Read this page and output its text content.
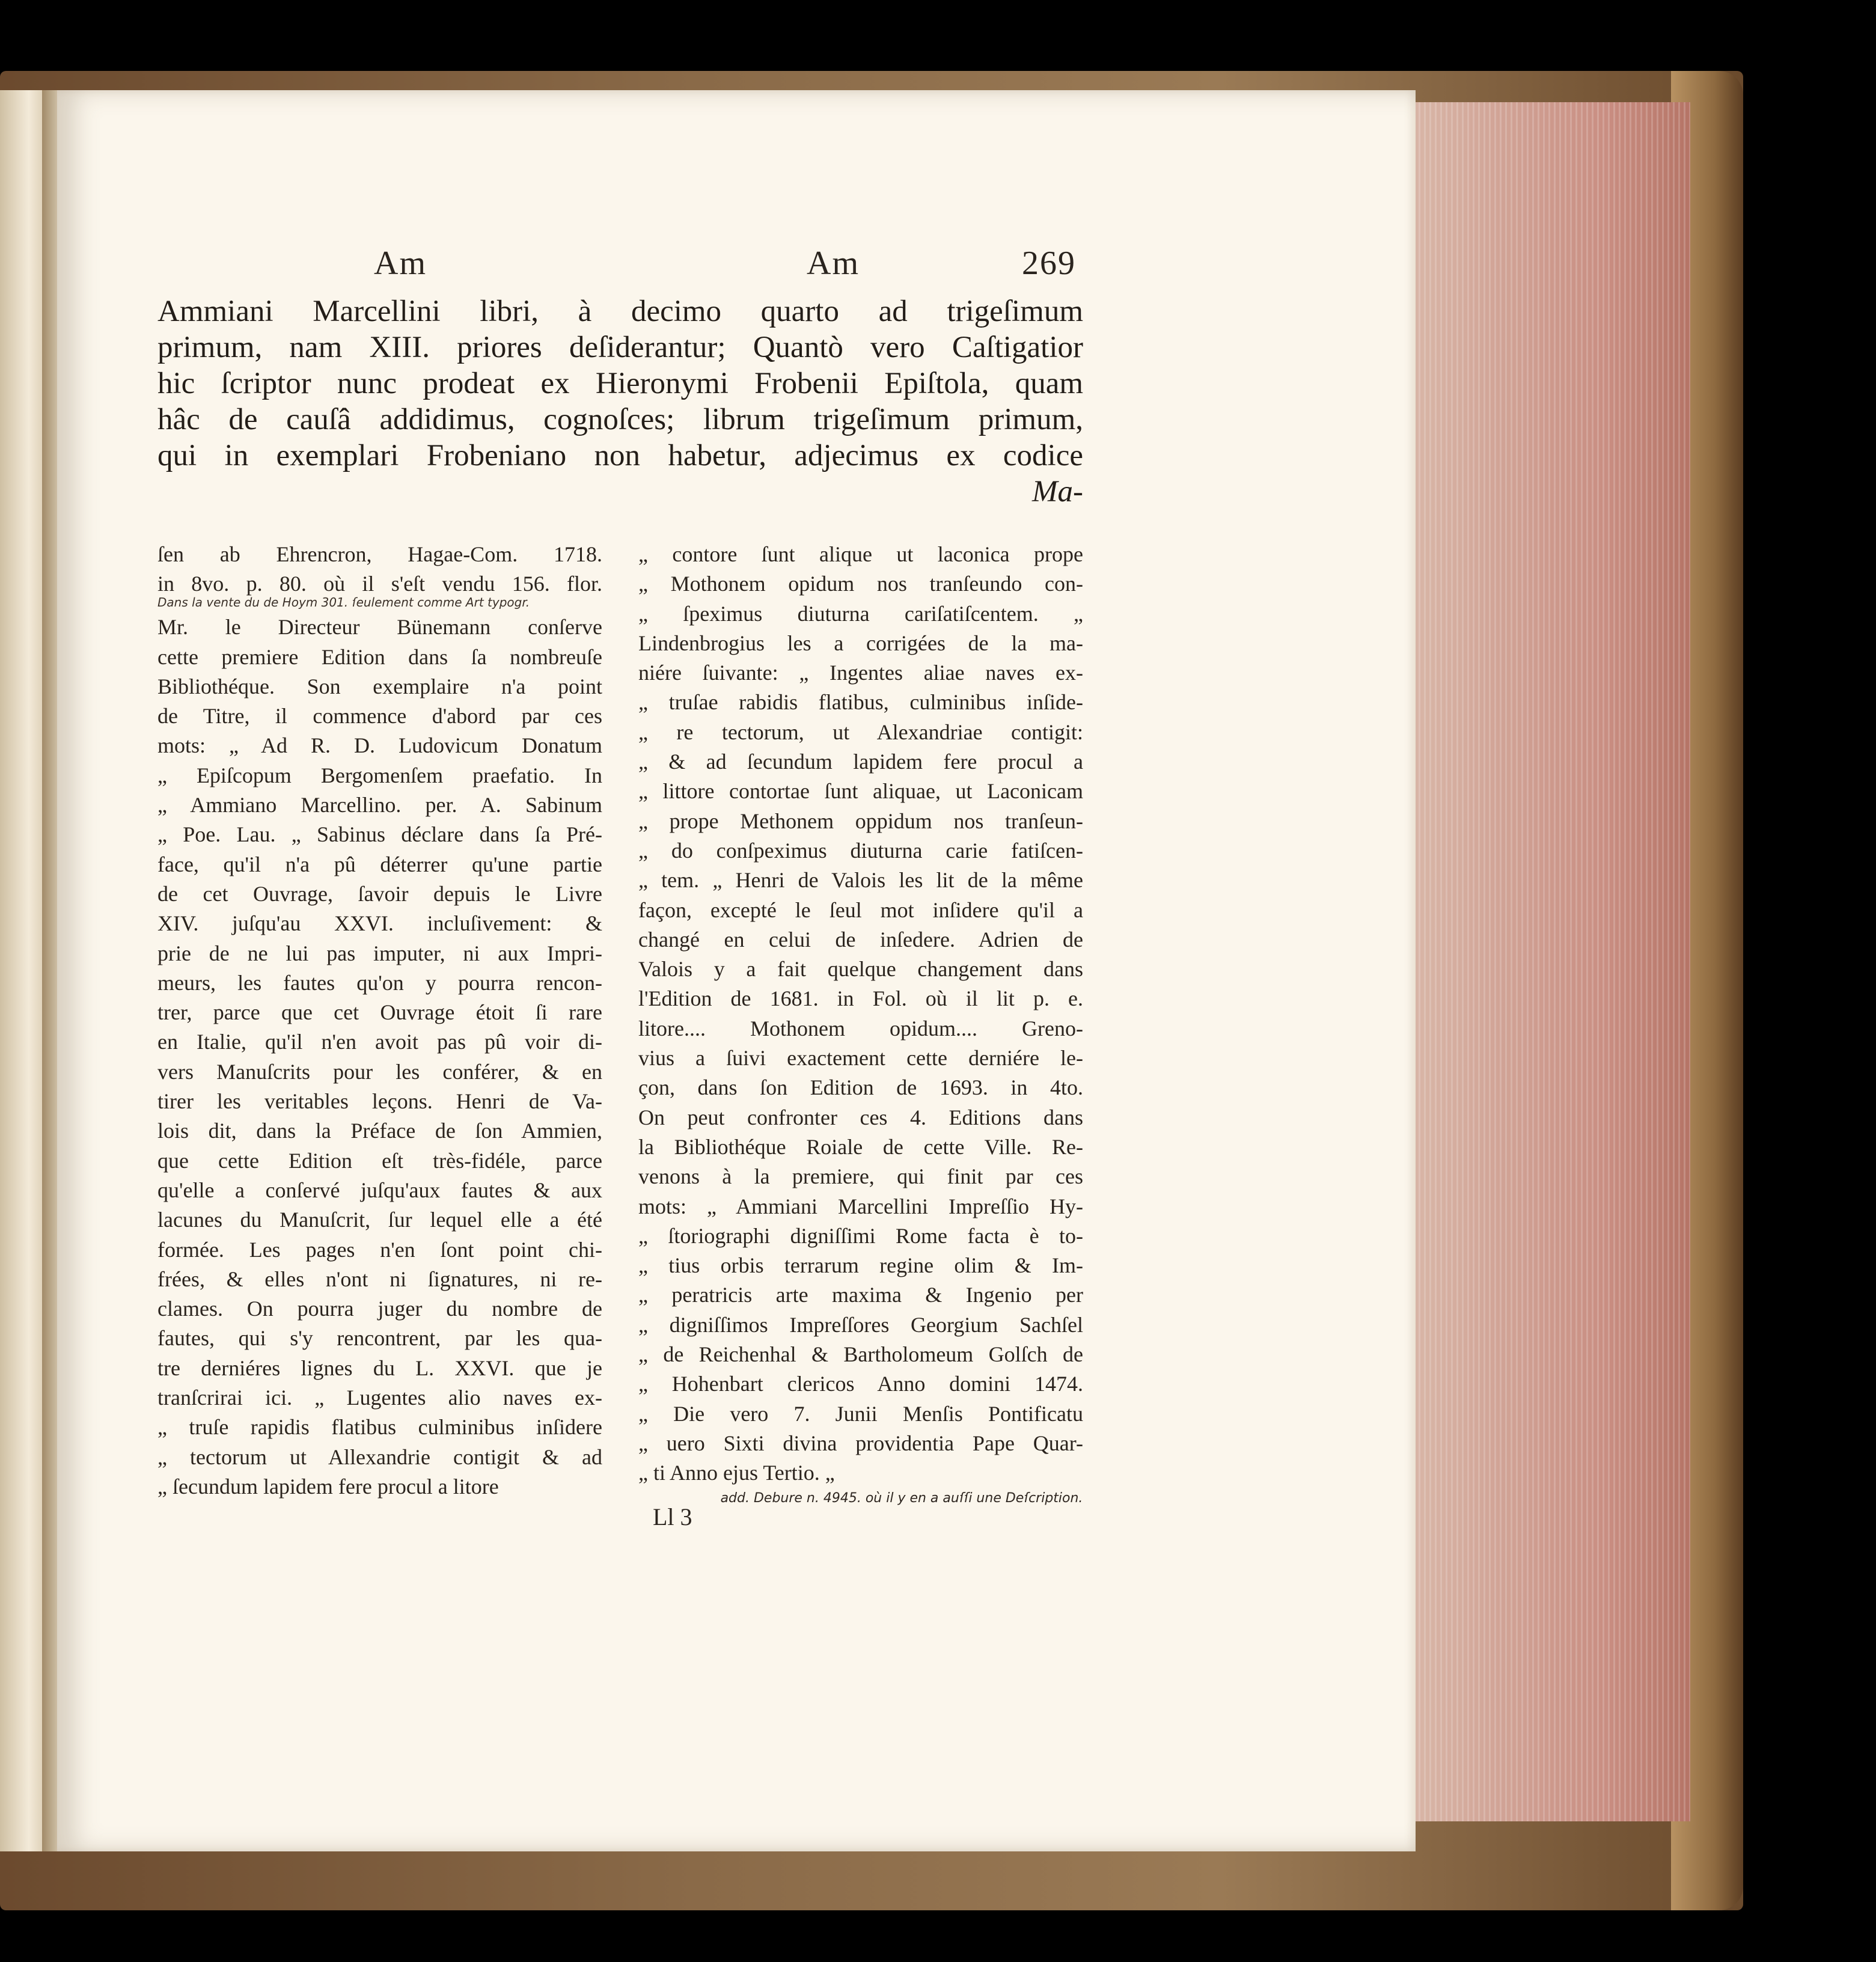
Am	Am	269
Ammiani Marcellini libri, à decimo quarto ad trigeſimum
primum, nam XIII. priores deſiderantur; Quantò vero Caſtigatior
hic ſcriptor nunc prodeat ex Hieronymi Frobenii Epiſtola, quam
hâc de cauſâ addidimus, cognoſces; librum trigeſimum primum,
qui in exemplari Frobeniano non habetur, adjecimus ex codice
Ma-
ſen ab Ehrencron, Hagae-Com. 1718.
in 8vo. p. 80. où il s'eſt vendu 156. flor.
Mr. le Directeur Bünemann conſerve
cette premiere Edition dans ſa nombreuſe
Bibliothéque. Son exemplaire n'a point
de Titre, il commence d'abord par ces
mots: „ Ad R. D. Ludovicum Donatum
„ Epiſcopum Bergomenſem praefatio. In
„ Ammiano Marcellino. per. A. Sabinum
„ Poe. Lau. „ Sabinus déclare dans ſa Pré-
face, qu'il n'a pû déterrer qu'une partie
de cet Ouvrage, ſavoir depuis le Livre
XIV. juſqu'au XXVI. incluſivement: &
prie de ne lui pas imputer, ni aux Impri-
meurs, les fautes qu'on y pourra rencon-
trer, parce que cet Ouvrage étoit ſi rare
en Italie, qu'il n'en avoit pas pû voir di-
vers Manuſcrits pour les conférer, & en
tirer les veritables leçons. Henri de Va-
lois dit, dans la Préface de ſon Ammien,
que cette Edition eſt très-fidéle, parce
qu'elle a conſervé juſqu'aux fautes & aux
lacunes du Manuſcrit, ſur lequel elle a été
formée. Les pages n'en ſont point chi-
frées, & elles n'ont ni ſignatures, ni re-
clames. On pourra juger du nombre de
fautes, qui s'y rencontrent, par les qua-
tre derniéres lignes du L. XXVI. que je
tranſcrirai ici. „ Lugentes alio naves ex-
„ truſe rapidis flatibus culminibus inſidere
„ tectorum ut Allexandrie contigit & ad
„ ſecundum lapidem fere procul a litore
Dans la vente du de Hoym 301. ſeulement comme Art typogr.
„ contore ſunt alique ut laconica prope
„ Mothonem opidum nos tranſeundo con-
„ ſpeximus diuturna cariſatiſcentem. „
Lindenbrogius les a corrigées de la ma-
niére ſuivante: „ Ingentes aliae naves ex-
„ truſae rabidis flatibus, culminibus inſide-
„ re tectorum, ut Alexandriae contigit:
„ & ad ſecundum lapidem fere procul a
„ littore contortae ſunt aliquae, ut Laconicam
„ prope Methonem oppidum nos tranſeun-
„ do conſpeximus diuturna carie fatiſcen-
„ tem. „ Henri de Valois les lit de la même
façon, excepté le ſeul mot inſidere qu'il a
changé en celui de inſedere. Adrien de
Valois y a fait quelque changement dans
l'Edition de 1681. in Fol. où il lit p. e.
litore.... Mothonem opidum.... Greno-
vius a ſuivi exactement cette derniére le-
çon, dans ſon Edition de 1693. in 4to.
On peut confronter ces 4. Editions dans
la Bibliothéque Roiale de cette Ville. Re-
venons à la premiere, qui finit par ces
mots: „ Ammiani Marcellini Impreſſio Hy-
„ ſtoriographi digniſſimi Rome facta è to-
„ tius orbis terrarum regine olim & Im-
„ peratricis arte maxima & Ingenio per
„ digniſſimos Impreſſores Georgium Sachſel
„ de Reichenhal & Bartholomeum Golſch de
„ Hohenbart clericos Anno domini 1474.
„ Die vero 7. Junii Menſis Pontificatu
„ uero Sixti divina providentia Pape Quar-
„ ti Anno ejus Tertio. „
Ll 3
add. Debure n. 4945. où il y en a auſſi une Deſcription.
